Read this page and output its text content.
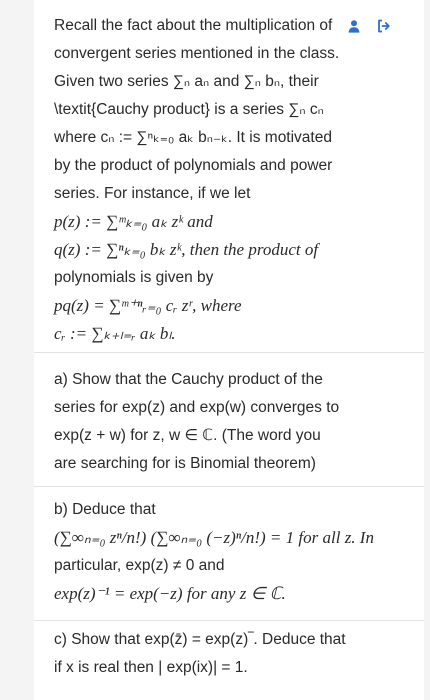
Recall the fact about the multiplication of
convergent series mentioned in the class.
Given two series ∑ₙ aₙ and ∑ₙ bₙ, their
\textit{Cauchy product} is a series ∑ₙ cₙ
where cₙ := ∑ⁿₖ₌₀ aₖ bₙ₋ₖ. It is motivated
by the product of polynomials and power
series. For instance, if we let
p(z) := ∑ᵐₖ₌₀ aₖ zᵏ and
q(z) := ∑ⁿₖ₌₀ bₖ zᵏ, then the product of
polynomials is given by
pq(z) = ∑ᵐ⁺ⁿᵣ₌₀ cᵣ zʳ, where
cᵣ := ∑ₖ₊ₗ₌ᵣ aₖ bₗ.
a) Show that the Cauchy product of the
series for exp(z) and exp(w) converges to
exp(z + w) for z, w ∈ ℂ. (The word you
are searching for is Binomial theorem)
b) Deduce that
(∑∞ₙ₌₀ zⁿ/n!) (∑∞ₙ₌₀ (−z)ⁿ/n!) = 1 for all z. In
particular, exp(z) ≠ 0 and
exp(z)⁻¹ = exp(−z) for any z ∈ ℂ.
c) Show that exp(z̄) = exp(z)‾. Deduce that
if x is real then | exp(ix)| = 1.
